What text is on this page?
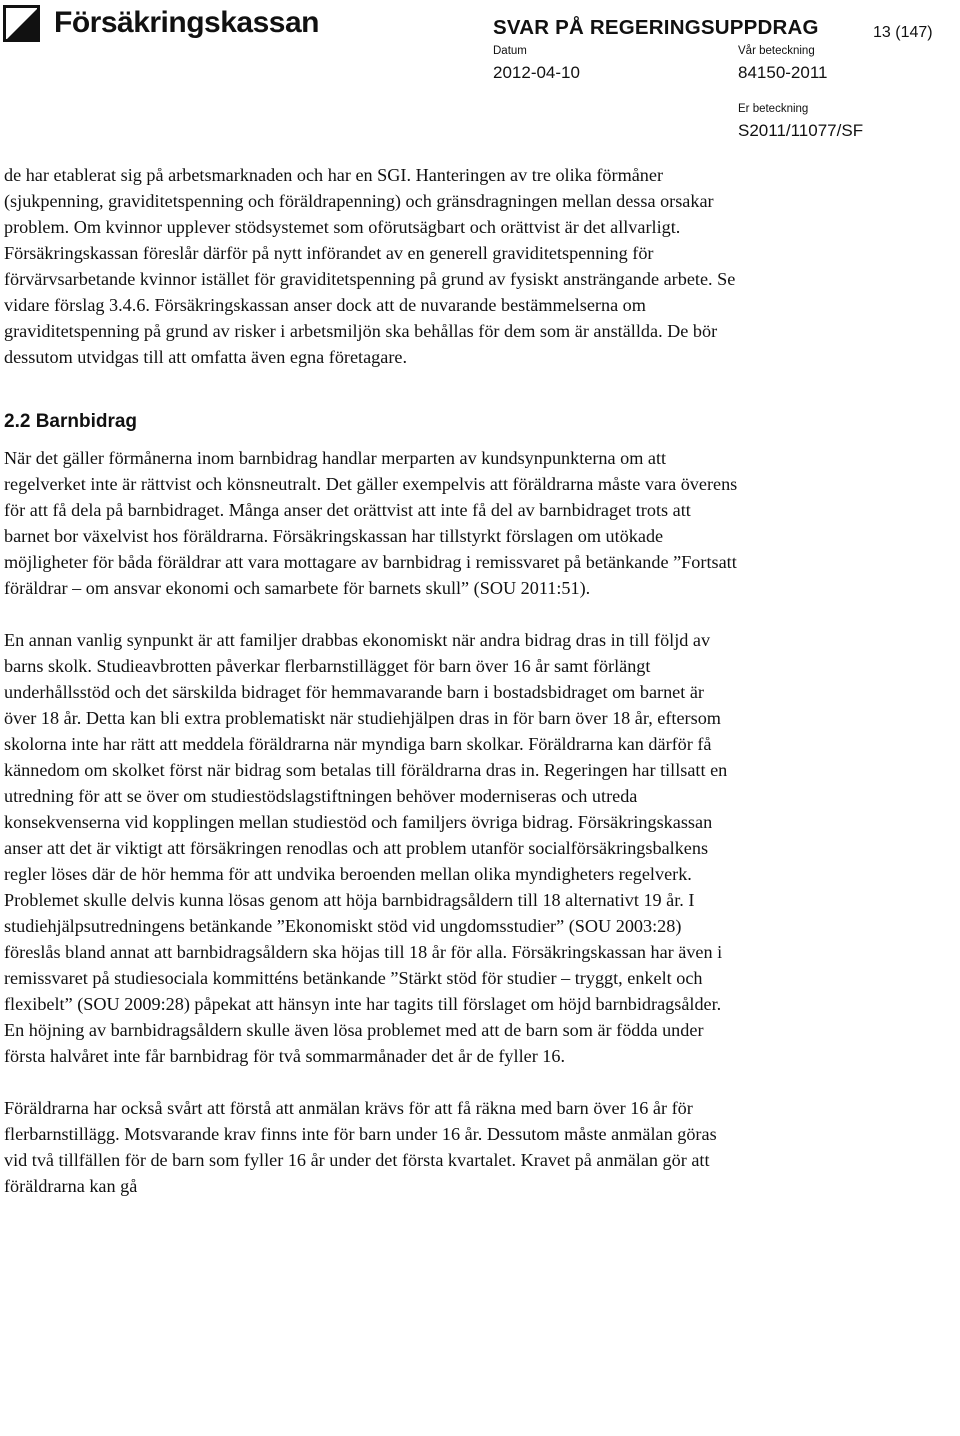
Försäkringskassan	SVAR PÅ REGERINGSUPPDRAG	13 (147)
Datum
2012-04-10
Vår beteckning
84150-2011
Er beteckning
S2011/11077/SF

de har etablerat sig på arbetsmarknaden och har en SGI. Hanteringen av tre olika förmåner (sjukpenning, graviditetspenning och föräldrapenning) och gränsdragningen mellan dessa orsakar problem. Om kvinnor upplever stödsystemet som oförutsägbart och orättvist är det allvarligt. Försäkringskassan föreslår därför på nytt införandet av en generell graviditetspenning för förvärvsarbetande kvinnor istället för graviditetspenning på grund av fysiskt ansträngande arbete. Se vidare förslag 3.4.6. Försäkringskassan anser dock att de nuvarande bestämmelserna om graviditetspenning på grund av risker i arbetsmiljön ska behållas för dem som är anställda. De bör dessutom utvidgas till att omfatta även egna företagare.

2.2 Barnbidrag

När det gäller förmånerna inom barnbidrag handlar merparten av kundsynpunkterna om att regelverket inte är rättvist och könsneutralt. Det gäller exempelvis att föräldrarna måste vara överens för att få dela på barnbidraget. Många anser det orättvist att inte få del av barnbidraget trots att barnet bor växelvist hos föräldrarna. Försäkringskassan har tillstyrkt förslagen om utökade möjligheter för båda föräldrar att vara mottagare av barnbidrag i remissvaret på betänkande ”Fortsatt föräldrar – om ansvar ekonomi och samarbete för barnets skull” (SOU 2011:51).

En annan vanlig synpunkt är att familjer drabbas ekonomiskt när andra bidrag dras in till följd av barns skolk. Studieavbrotten påverkar flerbarnstillägget för barn över 16 år samt förlängt underhållsstöd och det särskilda bidraget för hemmavarande barn i bostadsbidraget om barnet är över 18 år. Detta kan bli extra problematiskt när studiehjälpen dras in för barn över 18 år, eftersom skolorna inte har rätt att meddela föräldrarna när myndiga barn skolkar. Föräldrarna kan därför få kännedom om skolket först när bidrag som betalas till föräldrarna dras in. Regeringen har tillsatt en utredning för att se över om studiestödslagstiftningen behöver moderniseras och utreda konsekvenserna vid kopplingen mellan studiestöd och familjers övriga bidrag. Försäkringskassan anser att det är viktigt att försäkringen renodlas och att problem utanför socialförsäkringsbalkens regler löses där de hör hemma för att undvika beroenden mellan olika myndigheters regelverk. Problemet skulle delvis kunna lösas genom att höja barnbidragsåldern till 18 alternativt 19 år. I studiehjälpsutredningens betänkande ”Ekonomiskt stöd vid ungdomsstudier” (SOU 2003:28) föreslås bland annat att barnbidragsåldern ska höjas till 18 år för alla. Försäkringskassan har även i remissvaret på studiesociala kommitténs betänkande ”Stärkt stöd för studier – tryggt, enkelt och flexibelt” (SOU 2009:28) påpekat att hänsyn inte har tagits till förslaget om höjd barnbidragsålder. En höjning av barnbidragsåldern skulle även lösa problemet med att de barn som är födda under första halvåret inte får barnbidrag för två sommarmånader det år de fyller 16.

Föräldrarna har också svårt att förstå att anmälan krävs för att få räkna med barn över 16 år för flerbarnstillägg. Motsvarande krav finns inte för barn under 16 år. Dessutom måste anmälan göras vid två tillfällen för de barn som fyller 16 år under det första kvartalet. Kravet på anmälan gör att föräldrarna kan gå
